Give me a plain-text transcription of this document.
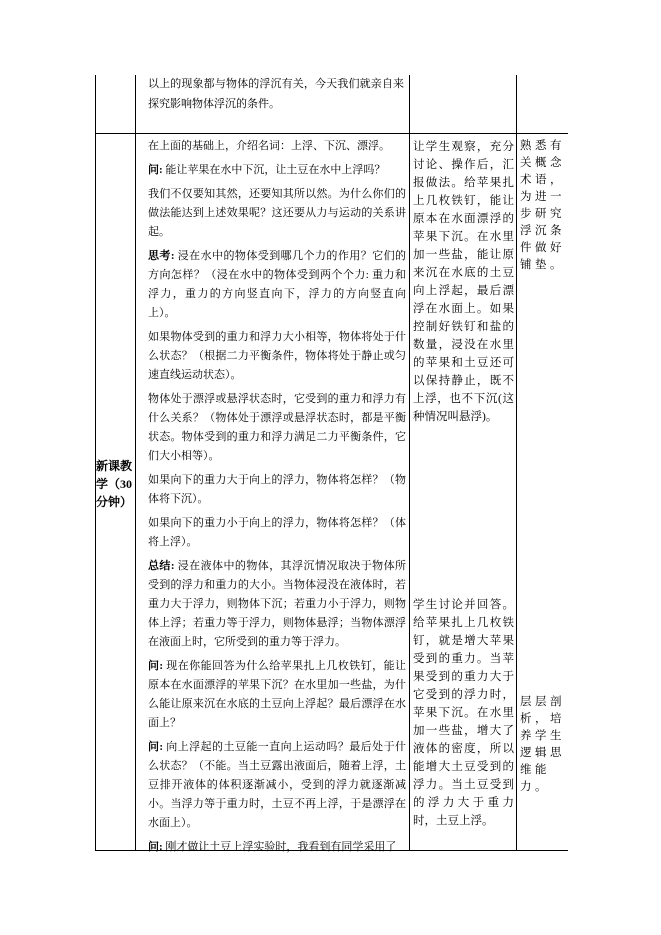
以上的现象都与物体的浮沉有关，今天我们就亲自来探究影响物体浮沉的条件。
新课教学（30分钟）

在上面的基础上，介绍名词：上浮、下沉、漂浮。

问: 能让苹果在水中下沉，让土豆在水中上浮吗？

我们不仅要知其然，还要知其所以然。为什么你们的做法能达到上述效果呢？这还要从力与运动的关系讲起。

思考: 浸在水中的物体受到哪几个力的作用？它们的方向怎样？（浸在水中的物体受到两个个力: 重力和浮力，重力的方向竖直向下，浮力的方向竖直向上）。

如果物体受到的重力和浮力大小相等，物体将处于什么状态？（根据二力平衡条件，物体将处于静止或匀速直线运动状态）。

物体处于漂浮或悬浮状态时，它受到的重力和浮力有什么关系？（物体处于漂浮或悬浮状态时，都是平衡状态。物体受到的重力和浮力满足二力平衡条件，它们大小相等）。

如果向下的重力大于向上的浮力，物体将怎样？（物体将下沉）。

如果向下的重力小于向上的浮力，物体将怎样？（体将上浮）。

总结: 浸在液体中的物体，其浮沉情况取决于物体所受到的浮力和重力的大小。当物体浸没在液体时，若重力大于浮力，则物体下沉；若重力小于浮力，则物体上浮；若重力等于浮力，则物体悬浮；当物体漂浮在液面上时，它所受到的重力等于浮力。

问: 现在你能回答为什么给苹果扎上几枚铁钉，能让原本在水面漂浮的苹果下沉？在水里加一些盐，为什么能让原来沉在水底的土豆向上浮起？最后漂浮在水面上？

问: 向上浮起的土豆能一直向上运动吗？最后处于什么状态？（不能。当土豆露出液面后，随着上浮，土豆排开液体的体积逐渐减小，受到的浮力就逐渐减小。当浮力等于重力时，土豆不再上浮，于是漂浮在水面上）。

问: 刚才做让土豆上浮实验时，我看到有同学采用了

让学生观察，充分讨论、操作后，汇报做法。给苹果扎上几枚铁钉，能让原本在水面漂浮的苹果下沉。在水里加一些盐，能让原来沉在水底的土豆向上浮起，最后漂浮在水面上。如果控制好铁钉和盐的数量，浸没在水里的苹果和土豆还可以保持静止，既不上浮，也不下沉(这种情况叫悬浮)。
学生讨论并回答。给苹果扎上几枚铁钉，就是增大苹果受到的重力。当苹果受到的重力大于它受到的浮力时，苹果下沉。在水里加一些盐，增大了液体的密度，所以能增大土豆受到的浮力。当土豆受到的浮力大于重力时，土豆上浮。
熟悉有关概念术语，为进一步研究浮沉条件做好铺垫。
层层剖析，培养学生逻辑思维能力。
